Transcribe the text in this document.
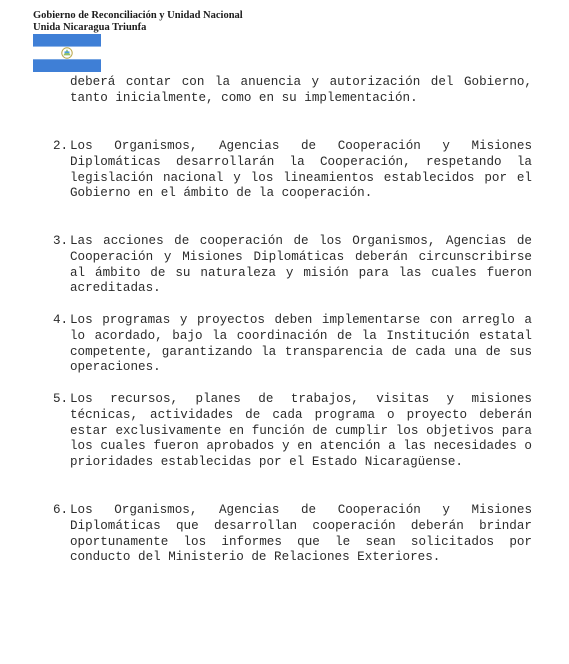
Gobierno de Reconciliación y Unidad Nacional
Unida Nicaragua Triunfa
deberá contar con la anuencia y autorización del Gobierno, tanto inicialmente, como en su implementación.
2. Los Organismos, Agencias de Cooperación y Misiones Diplomáticas desarrollarán la Cooperación, respetando la legislación nacional y los lineamientos establecidos por el Gobierno en el ámbito de la cooperación.
3. Las acciones de cooperación de los Organismos, Agencias de Cooperación y Misiones Diplomáticas deberán circunscribirse al ámbito de su naturaleza y misión para las cuales fueron acreditadas.
4. Los programas y proyectos deben implementarse con arreglo a lo acordado, bajo la coordinación de la Institución estatal competente, garantizando la transparencia de cada una de sus operaciones.
5. Los recursos, planes de trabajos, visitas y misiones técnicas, actividades de cada programa o proyecto deberán estar exclusivamente en función de cumplir los objetivos para los cuales fueron aprobados y en atención a las necesidades o prioridades establecidas por el Estado Nicaragüense.
6. Los Organismos, Agencias de Cooperación y Misiones Diplomáticas que desarrollan cooperación deberán brindar oportunamente los informes que le sean solicitados por conducto del Ministerio de Relaciones Exteriores.
